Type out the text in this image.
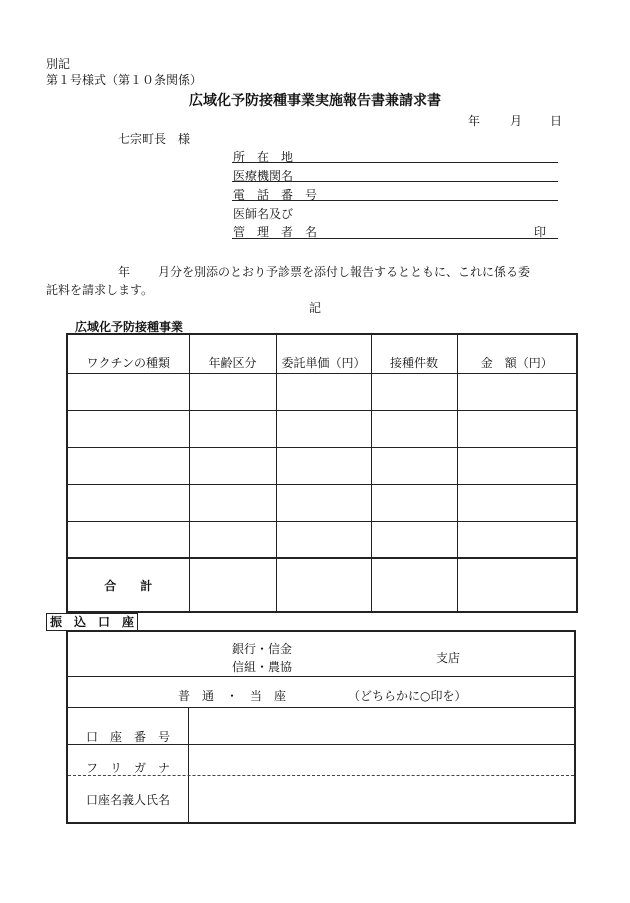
別記
第１号様式（第１０条関係）
広域化予防接種事業実施報告書兼請求書
年 月 日
七宗町長　様
所　在　地
医療機関名
電　話　番　号
医師名及び
管　理　者　名	印
年 月分を別添のとおり予診票を添付し報告するとともに、これに係る委
託料を請求します。
記
広域化予防接種事業
ワクチンの種類	年齢区分	委託単価（円）	接種件数	金　額（円）

合　　計				
振　込　口　座
銀行・信金
信組・農協
支店
普　通　・　当　座	（どちらかに○印を）
口　座　番　号
フ　リ　ガ　ナ
口座名義人氏名
